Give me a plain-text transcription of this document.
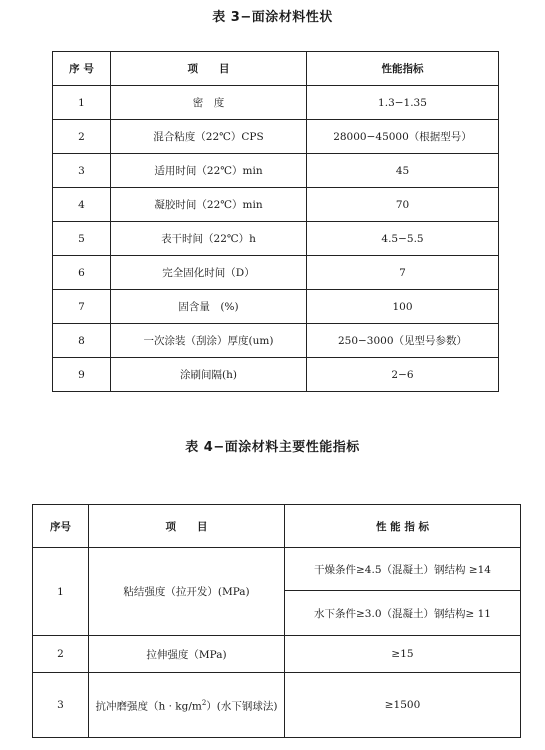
表 3−面涂材料性状
序 号	项　　目	性能指标
1	密　度	1.3−1.35
2	混合粘度（22℃）CPS	28000−45000（根据型号）
3	适用时间（22℃）min	45
4	凝胶时间（22℃）min	70
5	表干时间（22℃）h	4.5−5.5
6	完全固化时间（D）	7
7	固含量　(%)	100
8	一次涂装（刮涂）厚度(um)	250−3000（见型号参数）
9	涂刷间隔(h)	2−6
表 4−面涂材料主要性能指标
序号	项　　目	性 能 指 标
1	粘结强度（拉开发）(MPa)	干燥条件≥4.5（混凝土）钢结构 ≥14
		水下条件≥3.0（混凝土）钢结构≥ 11
2	拉伸强度（MPa)	≥15
3	抗冲磨强度$(h \cdot kg/m^2)$(水下钢球法)	≥1500
